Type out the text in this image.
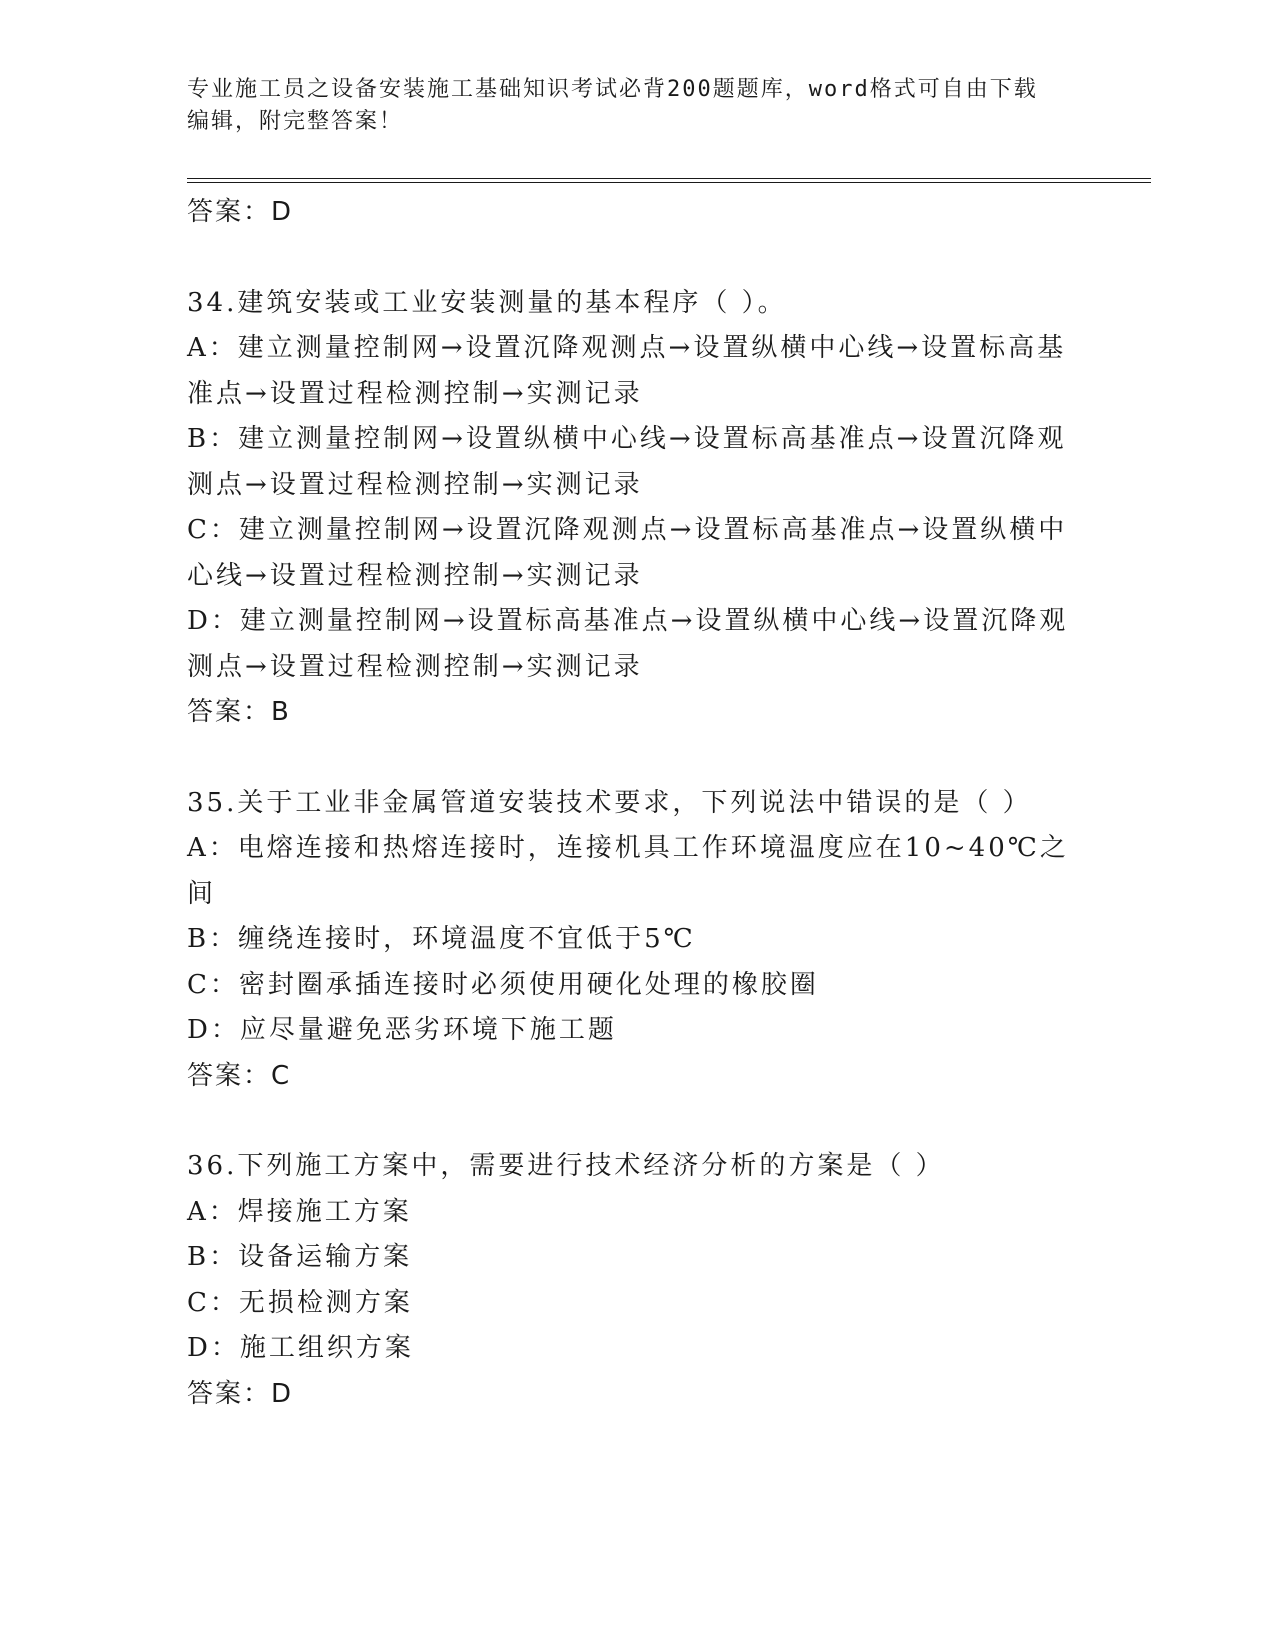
专业施工员之设备安装施工基础知识考试必背200题题库，word格式可自由下载
编辑，附完整答案！
答案：D
34.建筑安装或工业安装测量的基本程序（ ）。
A：建立测量控制网→设置沉降观测点→设置纵横中心线→设置标高基
准点→设置过程检测控制→实测记录
B：建立测量控制网→设置纵横中心线→设置标高基准点→设置沉降观
测点→设置过程检测控制→实测记录
C：建立测量控制网→设置沉降观测点→设置标高基准点→设置纵横中
心线→设置过程检测控制→实测记录
D：建立测量控制网→设置标高基准点→设置纵横中心线→设置沉降观
测点→设置过程检测控制→实测记录
答案：B
35.关于工业非金属管道安装技术要求，下列说法中错误的是（ ）
A：电熔连接和热熔连接时，连接机具工作环境温度应在10~40℃之间
B：缠绕连接时，环境温度不宜低于5℃
C：密封圈承插连接时必须使用硬化处理的橡胶圈
D：应尽量避免恶劣环境下施工题
答案：C
36.下列施工方案中，需要进行技术经济分析的方案是（ ）
A：焊接施工方案
B：设备运输方案
C：无损检测方案
D：施工组织方案
答案：D
